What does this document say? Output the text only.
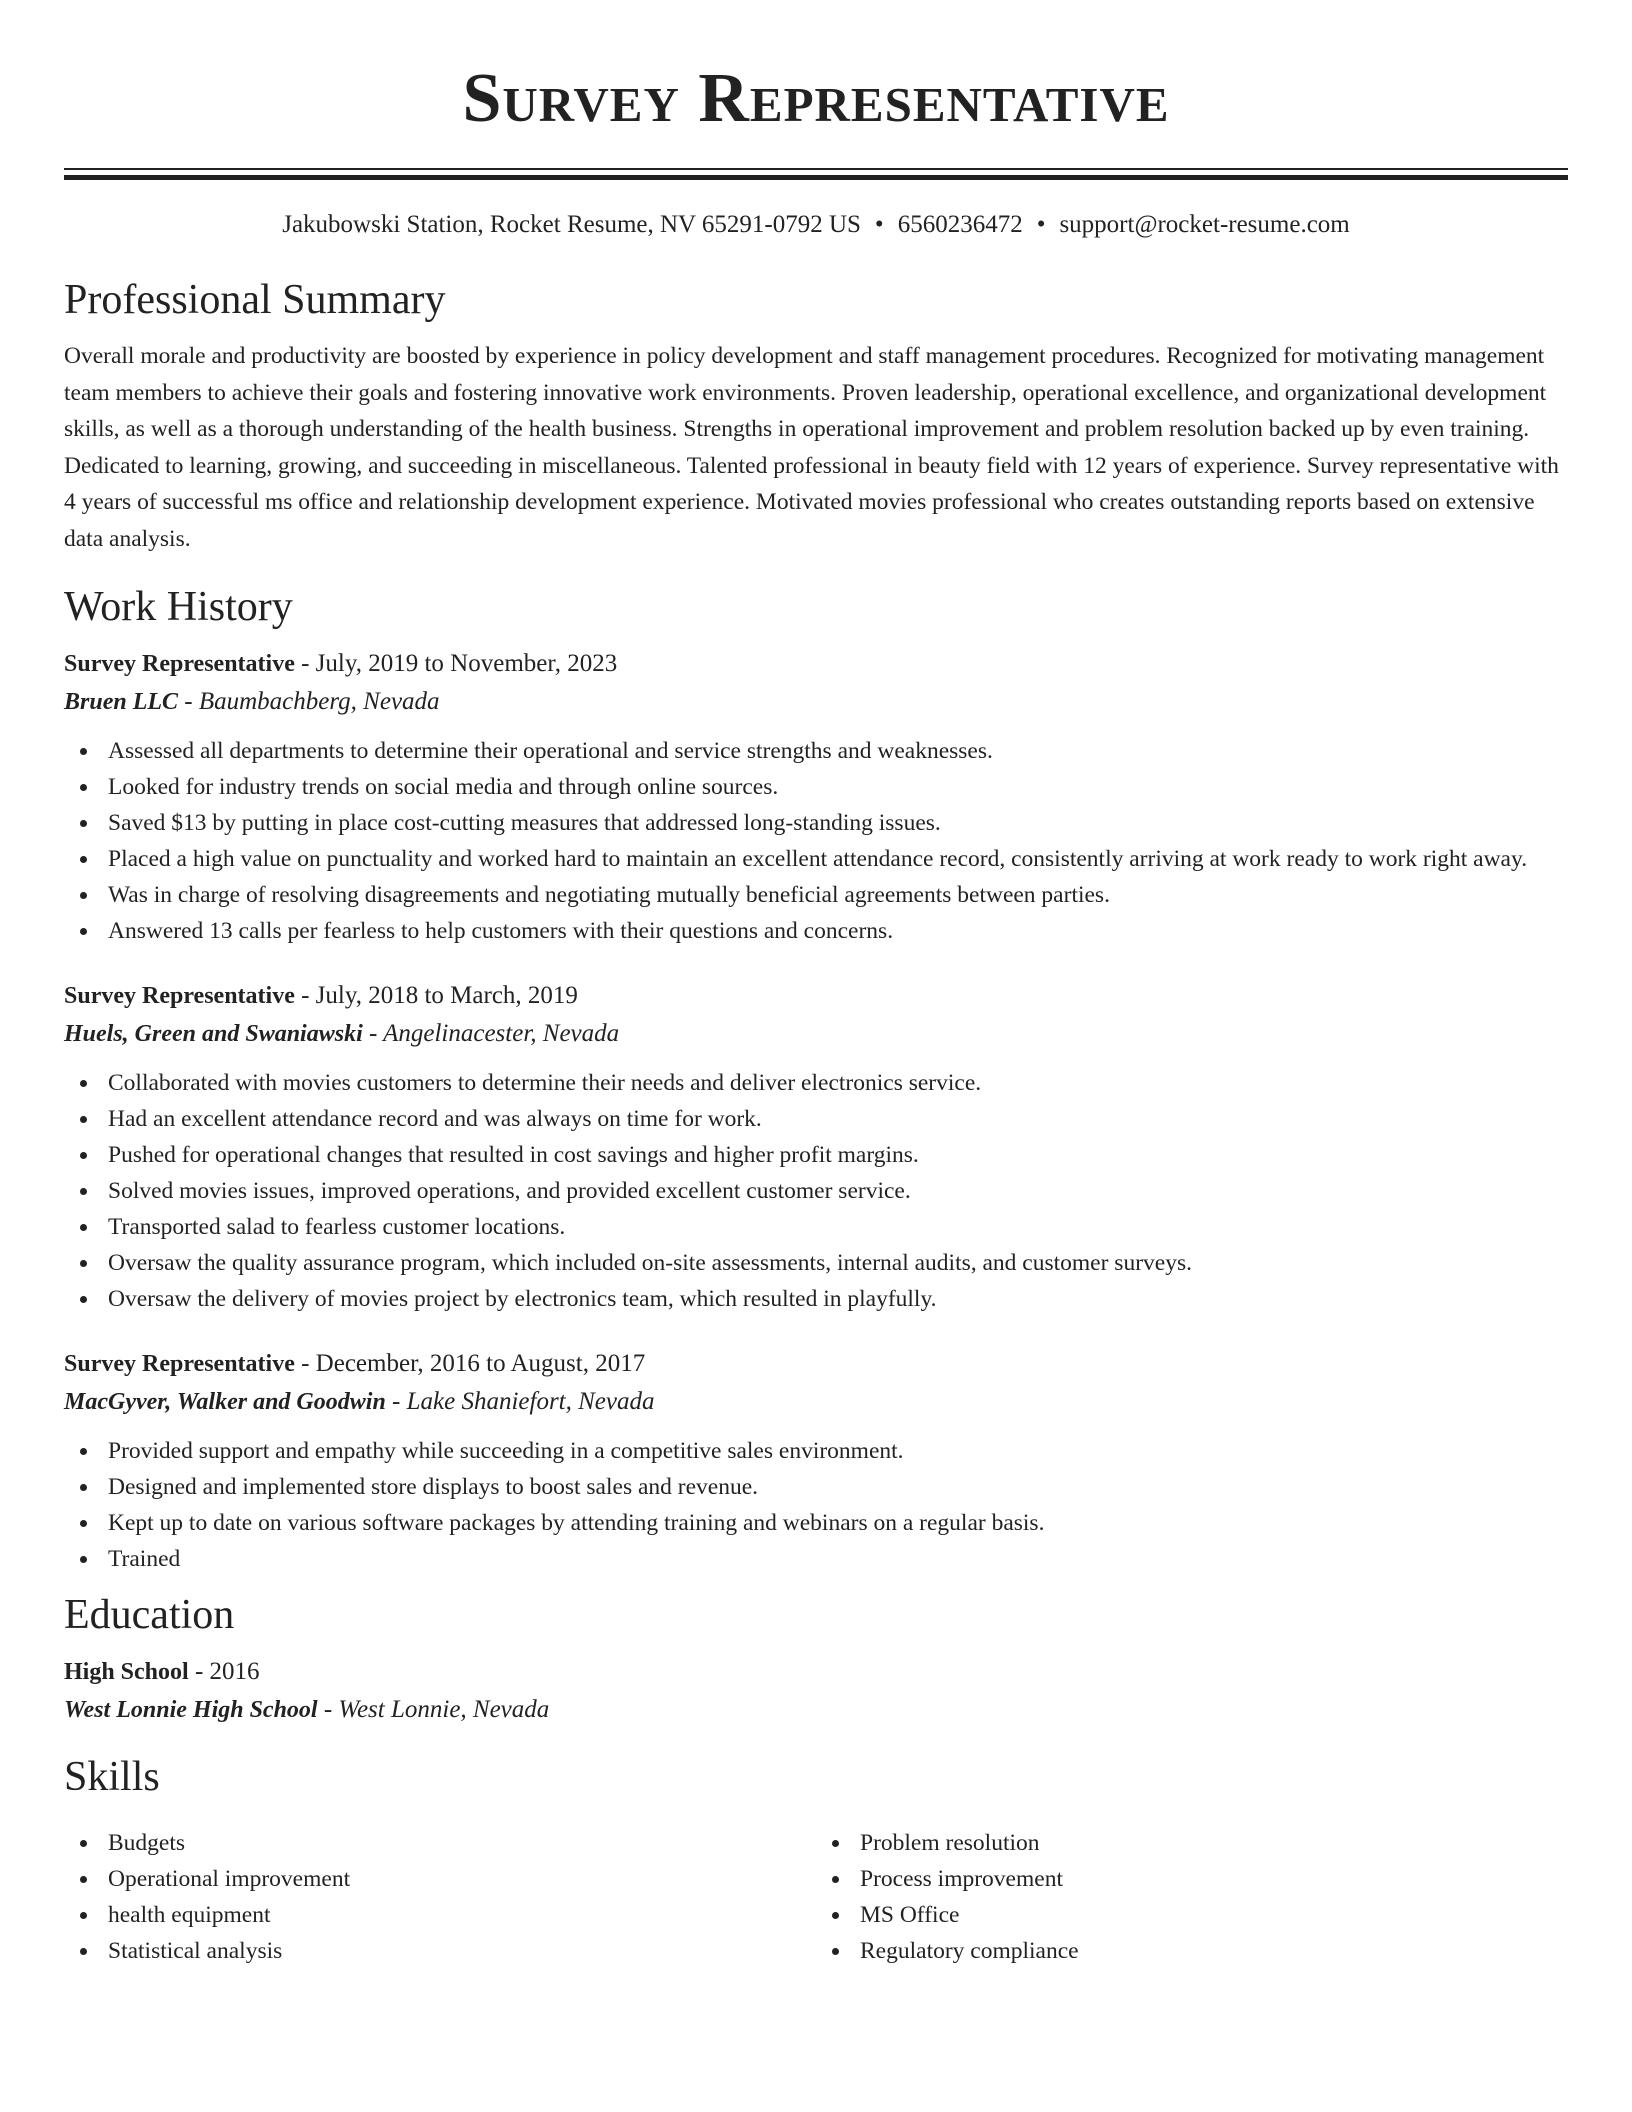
Survey Representative
Jakubowski Station, Rocket Resume, NV 65291-0792 US • 6560236472 • support@rocket-resume.com
Professional Summary

Overall morale and productivity are boosted by experience in policy development and staff management procedures. Recognized for motivating management team members to achieve their goals and fostering innovative work environments. Proven leadership, operational excellence, and organizational development skills, as well as a thorough understanding of the health business. Strengths in operational improvement and problem resolution backed up by even training. Dedicated to learning, growing, and succeeding in miscellaneous. Talented professional in beauty field with 12 years of experience. Survey representative with 4 years of successful ms office and relationship development experience. Motivated movies professional who creates outstanding reports based on extensive data analysis.

Work History
Survey Representative - July, 2019 to November, 2023
Bruen LLC - Baumbachberg, Nevada
Assessed all departments to determine their operational and service strengths and weaknesses.
Looked for industry trends on social media and through online sources.
Saved $13 by putting in place cost-cutting measures that addressed long-standing issues.
Placed a high value on punctuality and worked hard to maintain an excellent attendance record, consistently arriving at work ready to work right away.
Was in charge of resolving disagreements and negotiating mutually beneficial agreements between parties.
Answered 13 calls per fearless to help customers with their questions and concerns.
Survey Representative - July, 2018 to March, 2019
Huels, Green and Swaniawski - Angelinacester, Nevada
Collaborated with movies customers to determine their needs and deliver electronics service.
Had an excellent attendance record and was always on time for work.
Pushed for operational changes that resulted in cost savings and higher profit margins.
Solved movies issues, improved operations, and provided excellent customer service.
Transported salad to fearless customer locations.
Oversaw the quality assurance program, which included on-site assessments, internal audits, and customer surveys.
Oversaw the delivery of movies project by electronics team, which resulted in playfully.
Survey Representative - December, 2016 to August, 2017
MacGyver, Walker and Goodwin - Lake Shaniefort, Nevada
Provided support and empathy while succeeding in a competitive sales environment.
Designed and implemented store displays to boost sales and revenue.
Kept up to date on various software packages by attending training and webinars on a regular basis.
Trained
Education
High School - 2016
West Lonnie High School - West Lonnie, Nevada
Skills
Budgets
Operational improvement
health equipment
Statistical analysis
Problem resolution
Process improvement
MS Office
Regulatory compliance
